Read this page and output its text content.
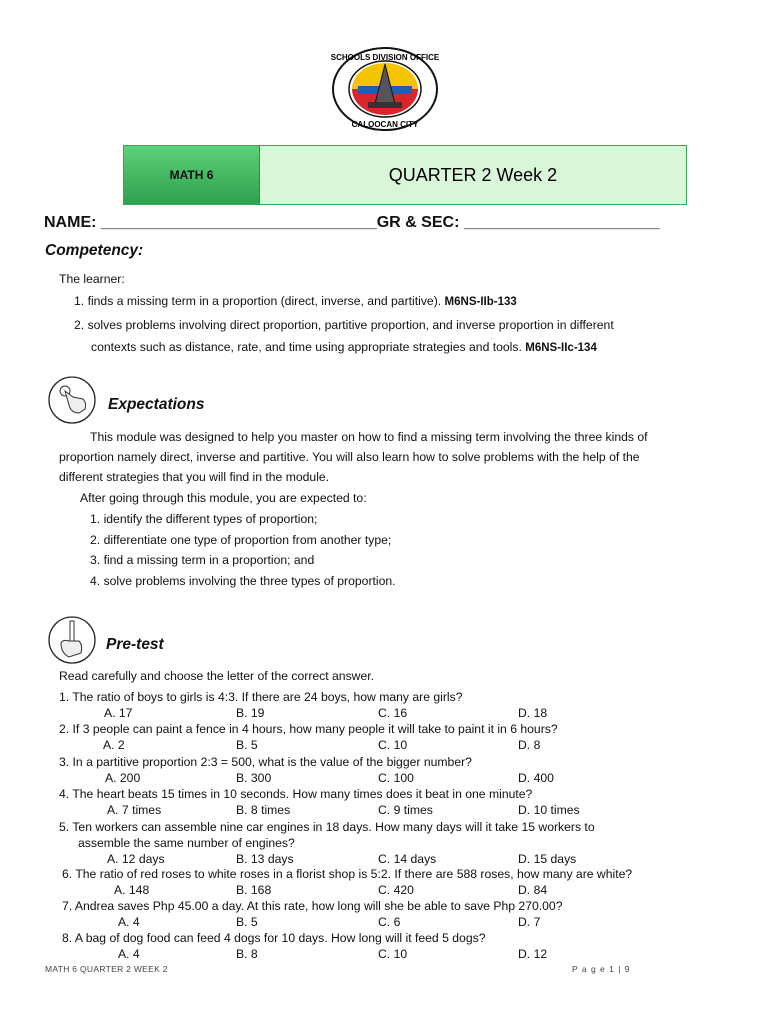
SCHOOLS DIVISION OFFICE
CALOOCAN CITY
MATH 6	QUARTER 2 Week 2
NAME: _______________________________GR & SEC: ______________________
Competency:
The learner:
1. finds a missing term in a proportion (direct, inverse, and partitive). M6NS-IIb-133
2. solves problems involving direct proportion, partitive proportion, and inverse proportion in different
contexts such as distance, rate, and time using appropriate strategies and tools. M6NS-IIc-134
Expectations
This module was designed to help you master on how to find a missing term involving the three kinds of
proportion namely direct, inverse and partitive. You will also learn how to solve problems with the help of the
different strategies that you will find in the module.
After going through this module, you are expected to:
1. identify the different types of proportion;
2. differentiate one type of proportion from another type;
3. find a missing term in a proportion; and
4. solve problems involving the three types of proportion.
Pre-test
Read carefully and choose the letter of the correct answer.
1. The ratio of boys to girls is 4:3. If there are 24 boys, how many are girls?
A. 17	B. 19	C. 16	D. 18
2. If 3 people can paint a fence in 4 hours, how many people it will take to paint it in 6 hours?
A. 2	B. 5	C. 10	D. 8
3. In a partitive proportion 2:3 = 500, what is the value of the bigger number?
A. 200	B. 300	C. 100	D. 400
4. The heart beats 15 times in 10 seconds. How many times does it beat in one minute?
A. 7 times	B. 8 times	C. 9 times	D. 10 times
5. Ten workers can assemble nine car engines in 18 days. How many days will it take 15 workers to
assemble the same number of engines?
A. 12 days	B. 13 days	C. 14 days	D. 15 days
6. The ratio of red roses to white roses in a florist shop is 5:2. If there are 588 roses, how many are white?
A. 148	B. 168	C. 420	D. 84
7. Andrea saves Php 45.00 a day. At this rate, how long will she be able to save Php 270.00?
A. 4	B. 5	C. 6	D. 7
8. A bag of dog food can feed 4 dogs for 10 days. How long will it feed 5 dogs?
A. 4	B. 8	C. 10	D. 12
MATH 6 QUARTER 2 WEEK 2	P a g e 1 | 9
